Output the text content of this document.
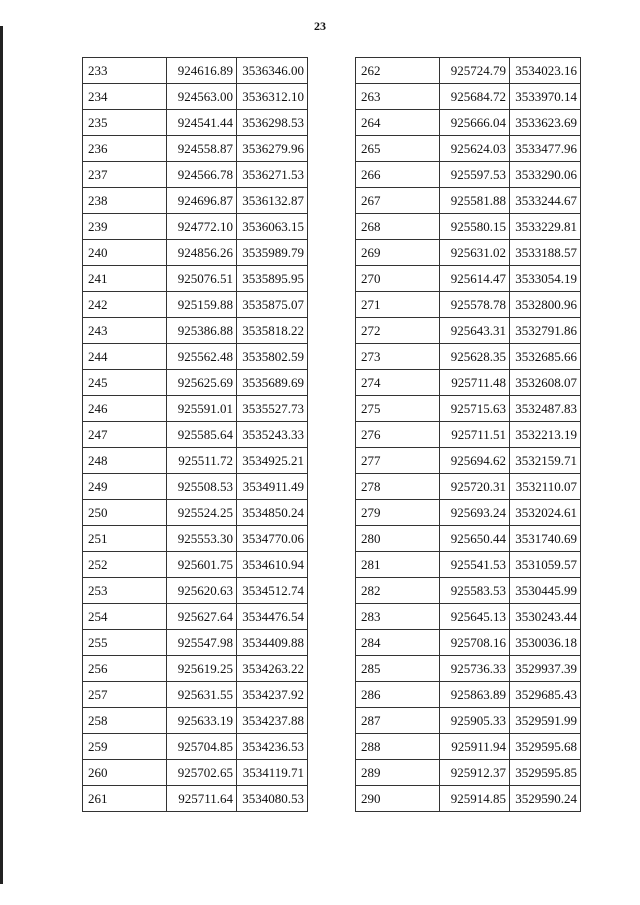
23
233	924616.89	3536346.00
234	924563.00	3536312.10
235	924541.44	3536298.53
236	924558.87	3536279.96
237	924566.78	3536271.53
238	924696.87	3536132.87
239	924772.10	3536063.15
240	924856.26	3535989.79
241	925076.51	3535895.95
242	925159.88	3535875.07
243	925386.88	3535818.22
244	925562.48	3535802.59
245	925625.69	3535689.69
246	925591.01	3535527.73
247	925585.64	3535243.33
248	925511.72	3534925.21
249	925508.53	3534911.49
250	925524.25	3534850.24
251	925553.30	3534770.06
252	925601.75	3534610.94
253	925620.63	3534512.74
254	925627.64	3534476.54
255	925547.98	3534409.88
256	925619.25	3534263.22
257	925631.55	3534237.92
258	925633.19	3534237.88
259	925704.85	3534236.53
260	925702.65	3534119.71
261	925711.64	3534080.53
262	925724.79	3534023.16
263	925684.72	3533970.14
264	925666.04	3533623.69
265	925624.03	3533477.96
266	925597.53	3533290.06
267	925581.88	3533244.67
268	925580.15	3533229.81
269	925631.02	3533188.57
270	925614.47	3533054.19
271	925578.78	3532800.96
272	925643.31	3532791.86
273	925628.35	3532685.66
274	925711.48	3532608.07
275	925715.63	3532487.83
276	925711.51	3532213.19
277	925694.62	3532159.71
278	925720.31	3532110.07
279	925693.24	3532024.61
280	925650.44	3531740.69
281	925541.53	3531059.57
282	925583.53	3530445.99
283	925645.13	3530243.44
284	925708.16	3530036.18
285	925736.33	3529937.39
286	925863.89	3529685.43
287	925905.33	3529591.99
288	925911.94	3529595.68
289	925912.37	3529595.85
290	925914.85	3529590.24
